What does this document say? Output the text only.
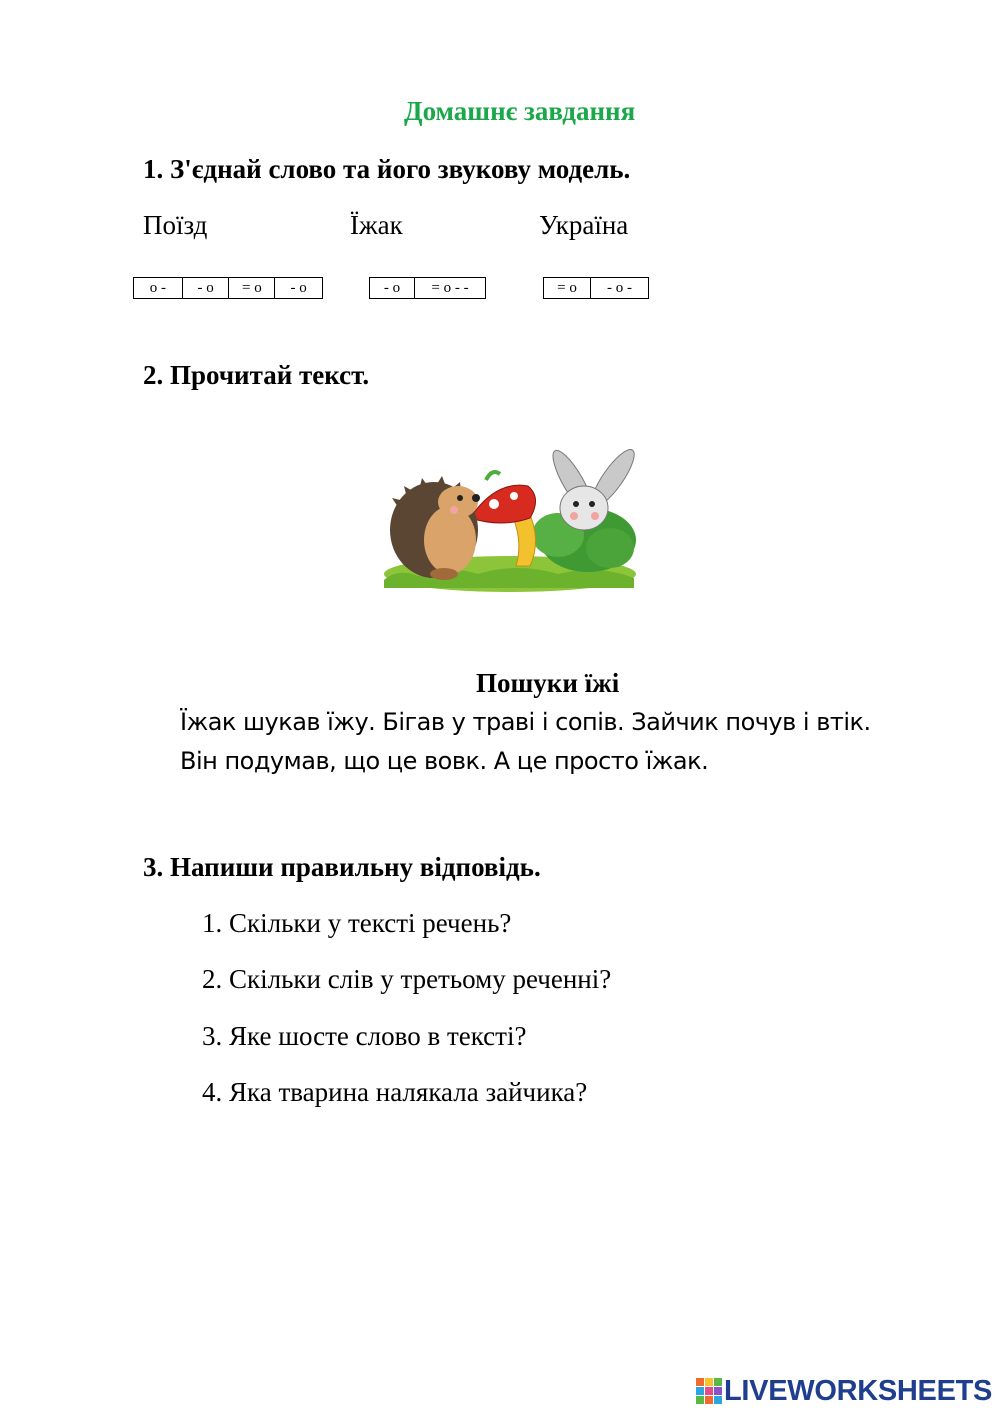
Домашнє завдання
1. З'єднай слово та його звукову модель.
Поїзд	Їжак	Україна
o -	- o	= o	- o	- o	= o - -	= o	- o -
2. Прочитай текст.
Пошуки їжі
Їжак шукав їжу. Бігав у траві і сопів. Зайчик почув і втік.
Він подумав, що це вовк. А це просто їжак.
3. Напиши правильну відповідь.
1. Скільки у тексті речень?
2. Скільки слів у третьому реченні?
3. Яке шосте слово в тексті?
4. Яка тварина налякала зайчика?
LIVEWORKSHEETS
